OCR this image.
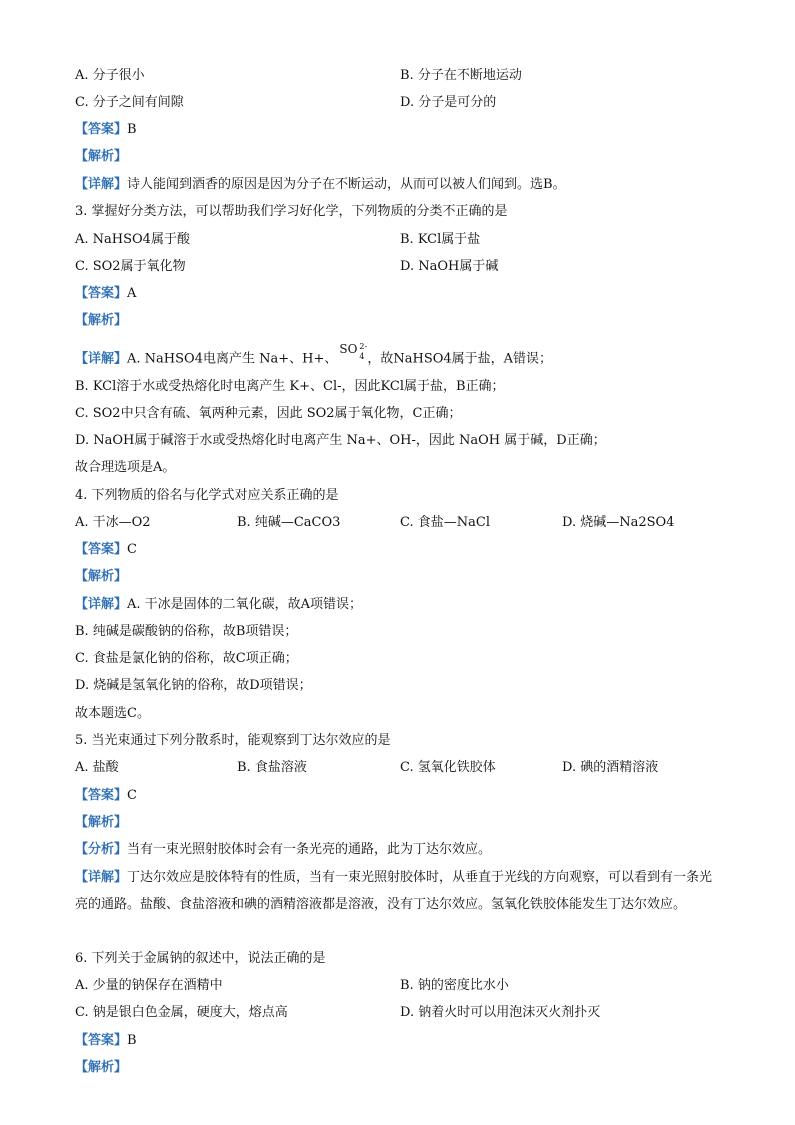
A. 分子很小	B. 分子在不断地运动
C. 分子之间有间隙	D. 分子是可分的
【答案】B
【解析】
【详解】诗人能闻到酒香的原因是因为分子在不断运动，从而可以被人们闻到。选B。
3. 掌握好分类方法，可以帮助我们学习好化学，下列物质的分类不正确的是
A. NaHSO4属于酸	B. KCl属于盐
C. SO2属于氧化物	D. NaOH属于碱
【答案】A
【解析】
【详解】A. NaHSO4电离产生 Na+、H+、
SO 2-
4 ，故NaHSO4属于盐，A错误；
B. KCl溶于水或受热熔化时电离产生 K+、Cl-，因此KCl属于盐，B正确；
C. SO2中只含有硫、氧两种元素，因此 SO2属于氧化物，C正确；
D. NaOH属于碱溶于水或受热熔化时电离产生 Na+、OH-，因此 NaOH 属于碱，D正确；
故合理选项是A。
4. 下列物质的俗名与化学式对应关系正确的是
A. 干冰—O2	B. 纯碱—CaCO3	C. 食盐—NaCl	D. 烧碱—Na2SO4
【答案】C
【解析】
【详解】A. 干冰是固体的二氧化碳，故A项错误；
B. 纯碱是碳酸钠的俗称，故B项错误；
C. 食盐是氯化钠的俗称，故C项正确；
D. 烧碱是氢氧化钠的俗称，故D项错误；
故本题选C。
5. 当光束通过下列分散系时，能观察到丁达尔效应的是
A. 盐酸	B. 食盐溶液	C. 氢氧化铁胶体	D. 碘的酒精溶液
【答案】C
【解析】
【分析】当有一束光照射胶体时会有一条光亮的通路，此为丁达尔效应。
【详解】丁达尔效应是胶体特有的性质，当有一束光照射胶体时，从垂直于光线的方向观察，可以看到有一条光亮的通路。盐酸、食盐溶液和碘的酒精溶液都是溶液，没有丁达尔效应。氢氧化铁胶体能发生丁达尔效应。
6. 下列关于金属钠的叙述中，说法正确的是
A. 少量的钠保存在酒精中	B. 钠的密度比水小
C. 钠是银白色金属，硬度大，熔点高	D. 钠着火时可以用泡沫灭火剂扑灭
【答案】B
【解析】
